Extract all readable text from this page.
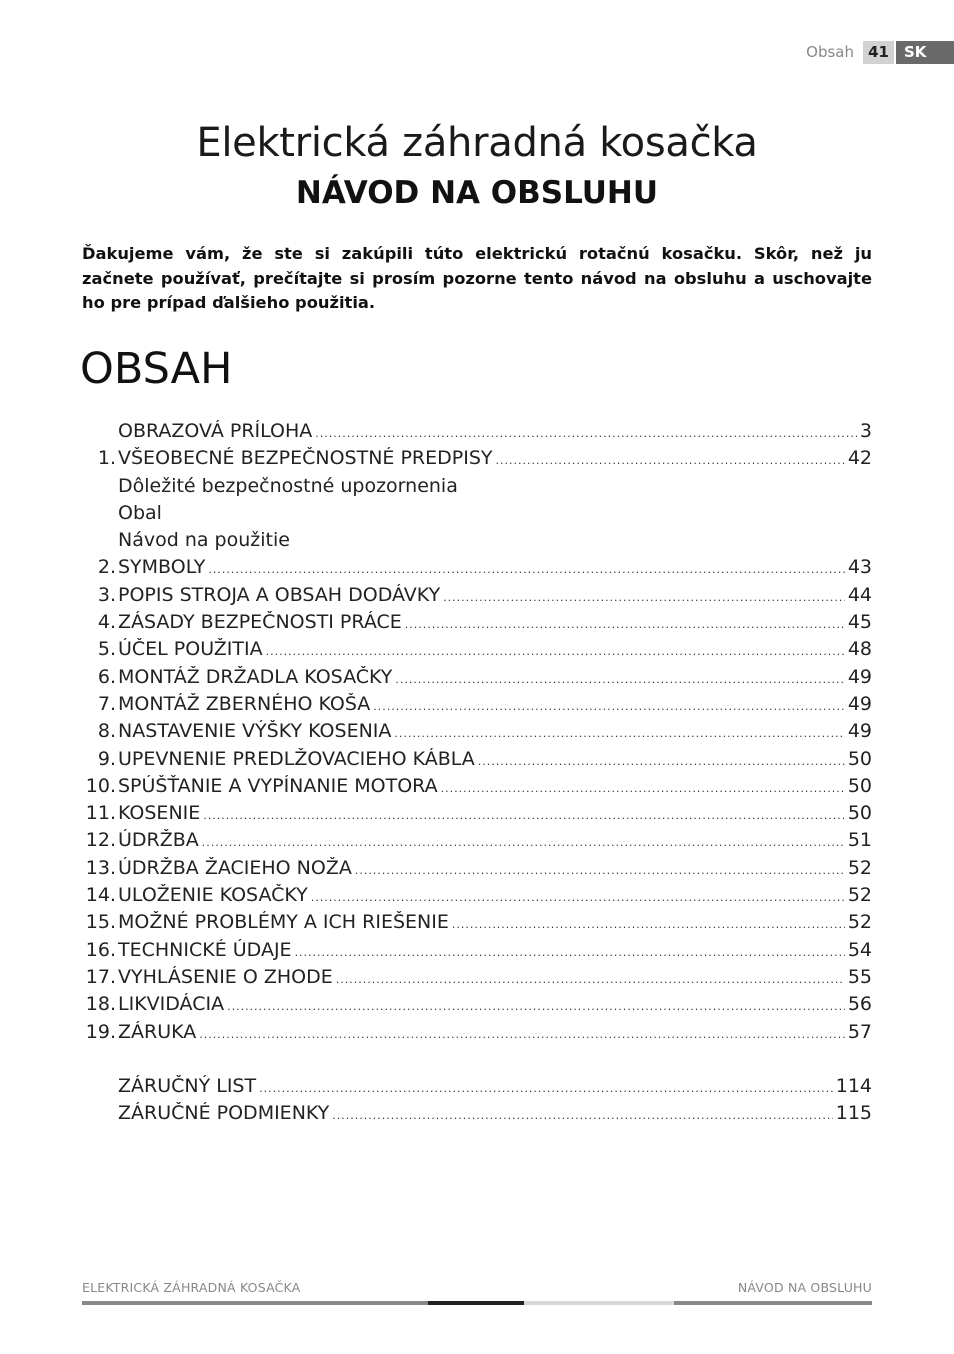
Obsah 41	SK
Elektrická záhradná kosačka
NÁVOD NA OBSLUHU
Ďakujeme vám, že ste si zakúpili túto elektrickú rotačnú kosačku. Skôr, než ju začnete používať, prečítajte si prosím pozorne tento návod na obsluhu a uschovajte ho pre prípad ďalšieho použitia.
OBSAH
OBRAZOVÁ PRÍLOHA .....	3
1. VŠEOBECNÉ BEZPEČNOSTNÉ PREDPISY .....	42
Dôležité bezpečnostné upozornenia
Obal
Návod na použitie
2. SYMBOLY .....	43
3. POPIS STROJA A OBSAH DODÁVKY .....	44
4. ZÁSADY BEZPEČNOSTI PRÁCE .....	45
5. ÚČEL POUŽITIA .....	48
6. MONTÁŽ DRŽADLA KOSAČKY .....	49
7. MONTÁŽ ZBERNÉHO KOŠA .....	49
8. NASTAVENIE VÝŠKY KOSENIA .....	49
9. UPEVNENIE PREDLŽOVACIEHO KÁBLA .....	50
10. SPÚŠŤANIE A VYPÍNANIE MOTORA .....	50
11. KOSENIE .....	50
12. ÚDRŽBA .....	51
13. ÚDRŽBA ŽACIEHO NOŽA .....	52
14. ULOŽENIE KOSAČKY .....	52
15. MOŽNÉ PROBLÉMY A ICH RIEŠENIE .....	52
16. TECHNICKÉ ÚDAJE .....	54
17. VYHLÁSENIE O ZHODE .....	55
18. LIKVIDÁCIA .....	56
19. ZÁRUKA .....	57
ZÁRUČNÝ LIST .....	114
ZÁRUČNÉ PODMIENKY .....	115
ELEKTRICKÁ ZÁHRADNÁ KOSAČKA	NÁVOD NA OBSLUHU
